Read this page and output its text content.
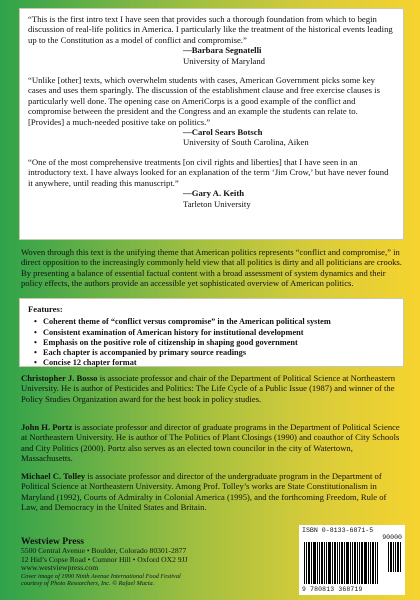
“This is the first intro text I have seen that provides such a thorough foundation from which to begin discussion of real-life politics in America. I particularly like the treatment of the historical events leading up to the Constitution as a model of conflict and compromise.”
—Barbara Segnatelli
University of Maryland
“Unlike [other] texts, which overwhelm students with cases, American Government picks some key cases and uses them sparingly. The discussion of the establishment clause and free exercise clauses is particularly well done. The opening case on AmeriCorps is a good example of the conflict and compromise between the president and the Congress and an example the students can relate to. [Provides] a much-needed positive take on politics.”
—Carol Sears Botsch
University of South Carolina, Aiken
“One of the most comprehensive treatments [on civil rights and liberties] that I have seen in an introductory text. I have always looked for an explanation of the term ‘Jim Crow,’ but have never found it anywhere, until reading this manuscript.”
—Gary A. Keith
Tarleton University
Woven through this text is the unifying theme that American politics represents “conflict and compromise,” in direct opposition to the increasingly commonly held view that all politics is dirty and all politicians are crooks. By presenting a balance of essential factual content with a broad assessment of system dynamics and their policy effects, the authors provide an accessible yet sophisticated overview of American politics.
Features:
• Coherent theme of “conflict versus compromise” in the American political system
• Consistent examination of American history for institutional development
• Emphasis on the positive role of citizenship in shaping good government
• Each chapter is accompanied by primary source readings
• Concise 12 chapter format
Christopher J. Bosso is associate professor and chair of the Department of Political Science at Northeastern University. He is author of Pesticides and Politics: The Life Cycle of a Public Issue (1987) and winner of the Policy Studies Organization award for the best book in policy studies.
John H. Portz is associate professor and director of graduate programs in the Department of Political Science at Northeastern University. He is author of The Politics of Plant Closings (1990) and coauthor of City Schools and City Politics (2000). Portz also serves as an elected town councilor in the city of Watertown, Massachusetts.
Michael C. Tolley is associate professor and director of the undergraduate program in the Department of Political Science at Northeastern University. Among Prof. Tolley’s works are State Constitutionalism in Maryland (1992), Courts of Admiralty in Colonial America (1995), and the forthcoming Freedom, Rule of Law, and Democracy in the United States and Britain.
Westview Press
5500 Central Avenue • Boulder, Colorado 80301-2877
12 Hid’s Copse Road • Cumnor Hill • Oxford OX2 9JJ
www.westviewpress.com
Cover image of 1990 Ninth Avenue International Food Festival
courtesy of Photo Researchers, Inc. © Rafael Macia.
ISBN 0-8133-6871-5
90000
9 780813 368719
